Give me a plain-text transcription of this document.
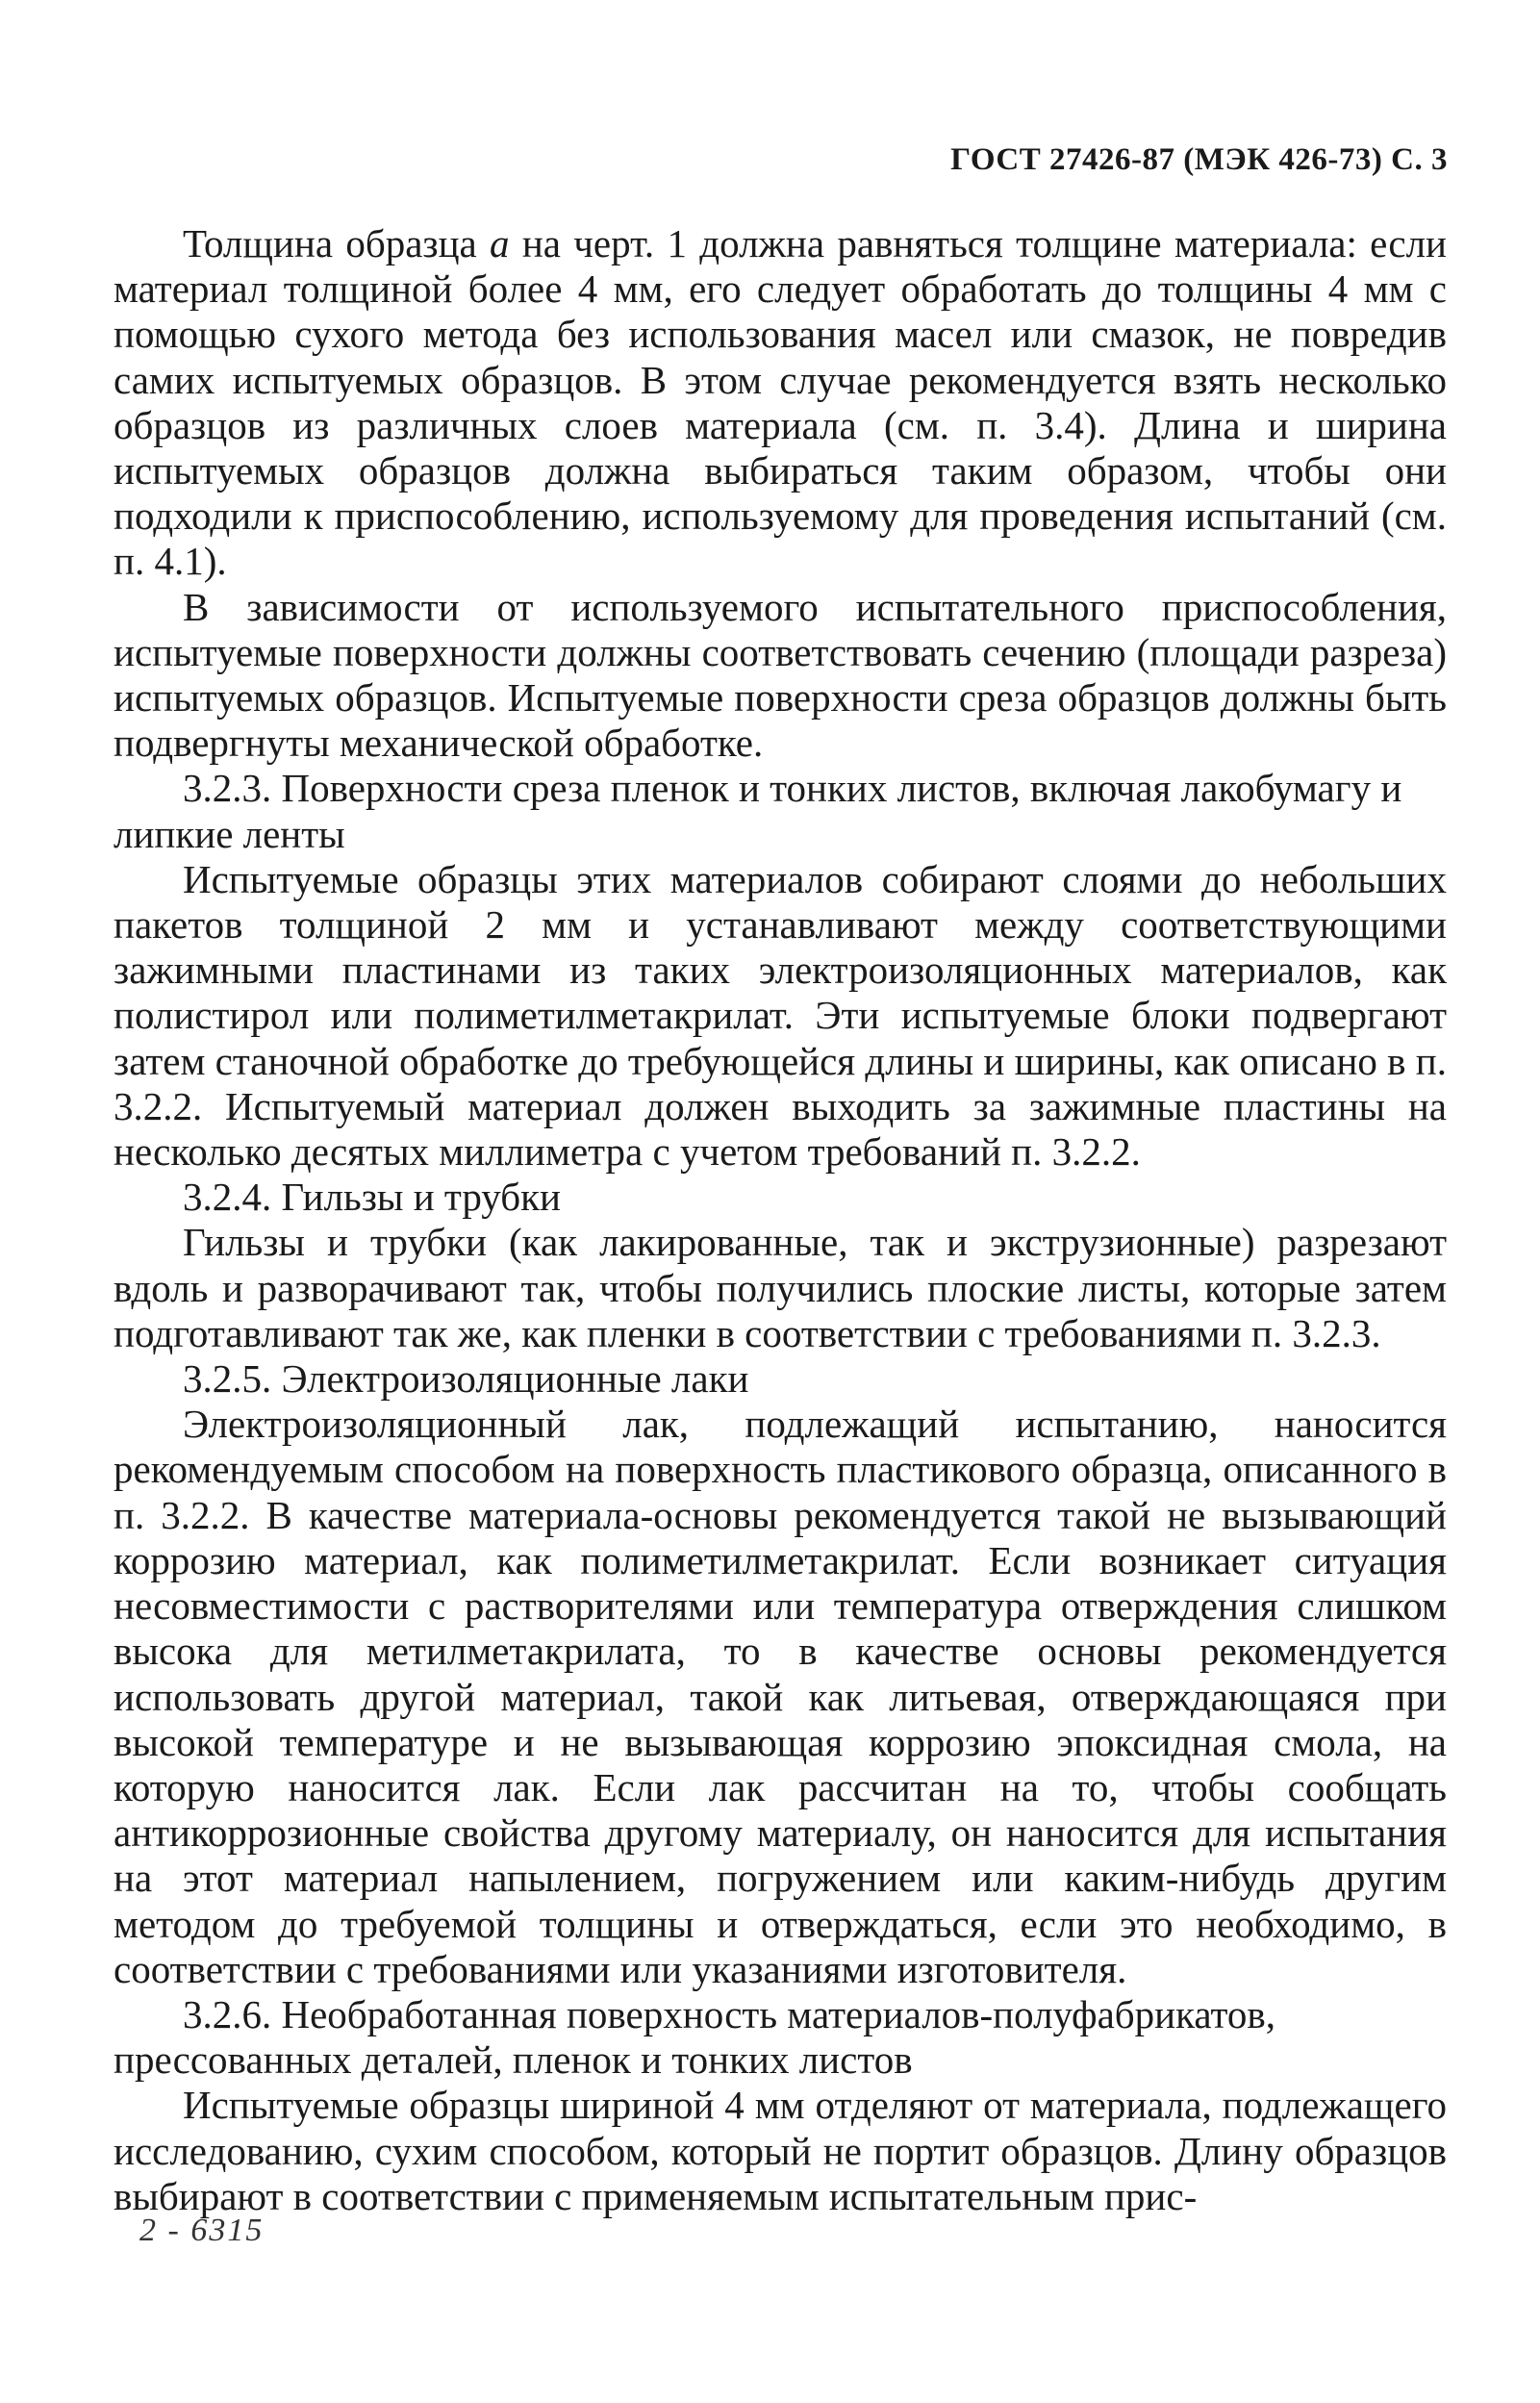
ГОСТ 27426-87 (МЭК 426-73) С. 3

Толщина образца a на черт. 1 должна равняться толщине материала: если материал толщиной более 4 мм, его следует обработать до толщины 4 мм с помощью сухого метода без использования масел или смазок, не повредив самих испытуемых образцов. В этом случае рекомендуется взять несколько образцов из различных слоев материала (см. п. 3.4). Длина и ширина испытуемых образцов должна выбираться таким образом, чтобы они подходили к приспособлению, используемому для проведения испытаний (см. п. 4.1).

В зависимости от используемого испытательного приспособления, испытуемые поверхности должны соответствовать сечению (площади разреза) испытуемых образцов. Испытуемые поверхности среза образцов должны быть подвергнуты механической обработке.

3.2.3. Поверхности среза пленок и тонких листов, включая лакобумагу и липкие ленты

Испытуемые образцы этих материалов собирают слоями до небольших пакетов толщиной 2 мм и устанавливают между соответствующими зажимными пластинами из таких электроизоляционных материалов, как полистирол или полиметилметакрилат. Эти испытуемые блоки подвергают затем станочной обработке до требующейся длины и ширины, как описано в п. 3.2.2. Испытуемый материал должен выходить за зажимные пластины на несколько десятых миллиметра с учетом требований п. 3.2.2.

3.2.4. Гильзы и трубки

Гильзы и трубки (как лакированные, так и экструзионные) разрезают вдоль и разворачивают так, чтобы получились плоские листы, которые затем подготавливают так же, как пленки в соответствии с требованиями п. 3.2.3.

3.2.5. Электроизоляционные лаки

Электроизоляционный лак, подлежащий испытанию, наносится рекомендуемым способом на поверхность пластикового образца, описанного в п. 3.2.2. В качестве материала-основы рекомендуется такой не вызывающий коррозию материал, как полиметилметакрилат. Если возникает ситуация несовместимости с растворителями или температура отверждения слишком высока для метилметакрилата, то в качестве основы рекомендуется использовать другой материал, такой как литьевая, отверждающаяся при высокой температуре и не вызывающая коррозию эпоксидная смола, на которую наносится лак. Если лак рассчитан на то, чтобы сообщать антикоррозионные свойства другому материалу, он наносится для испытания на этот материал напылением, погружением или каким-нибудь другим методом до требуемой толщины и отверждаться, если это необходимо, в соответствии с требованиями или указаниями изготовителя.

3.2.6. Необработанная поверхность материалов-полуфабрикатов, прессованных деталей, пленок и тонких листов

Испытуемые образцы шириной 4 мм отделяют от материала, подлежащего исследованию, сухим способом, который не портит образцов. Длину образцов выбирают в соответствии с применяемым испытательным прис-

2 - 6315
